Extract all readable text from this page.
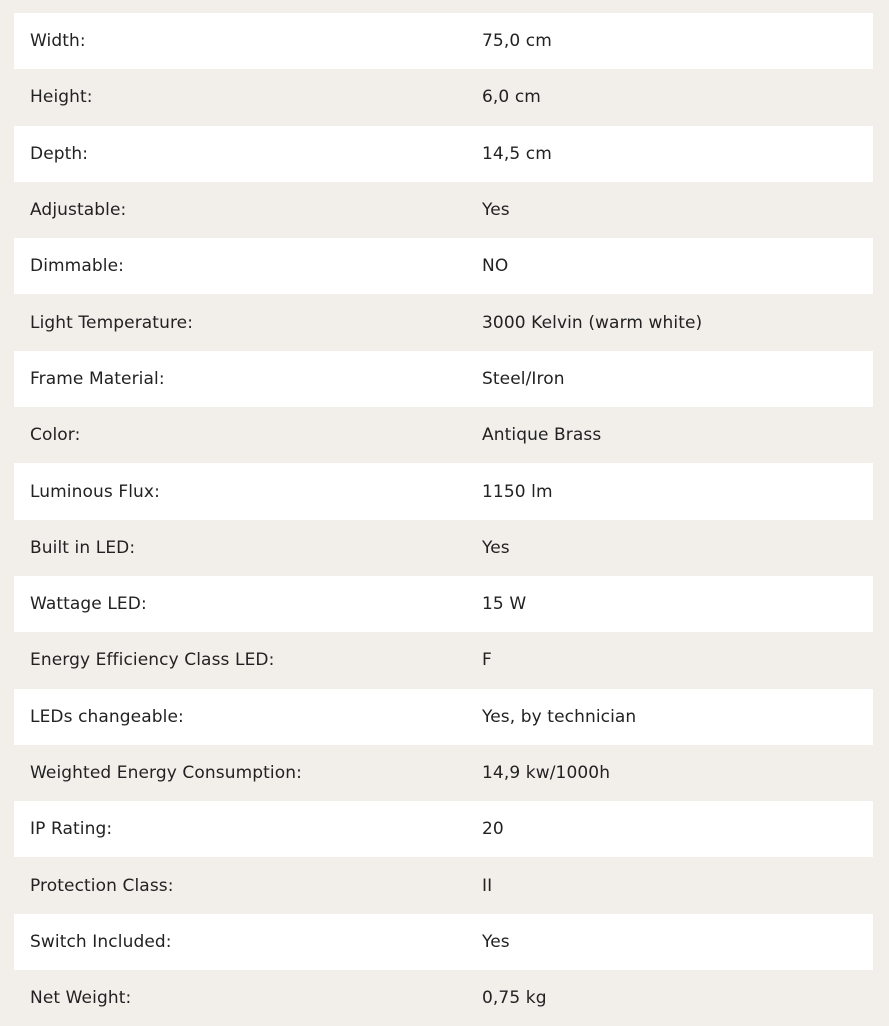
Width:	75,0 cm
Height:	6,0 cm
Depth:	14,5 cm
Adjustable:	Yes
Dimmable:	NO
Light Temperature:	3000 Kelvin (warm white)
Frame Material:	Steel/Iron
Color:	Antique Brass
Luminous Flux:	1150 lm
Built in LED:	Yes
Wattage LED:	15 W
Energy Efficiency Class LED:	F
LEDs changeable:	Yes, by technician
Weighted Energy Consumption:	14,9 kw/1000h
IP Rating:	20
Protection Class:	II
Switch Included:	Yes
Net Weight:	0,75 kg
